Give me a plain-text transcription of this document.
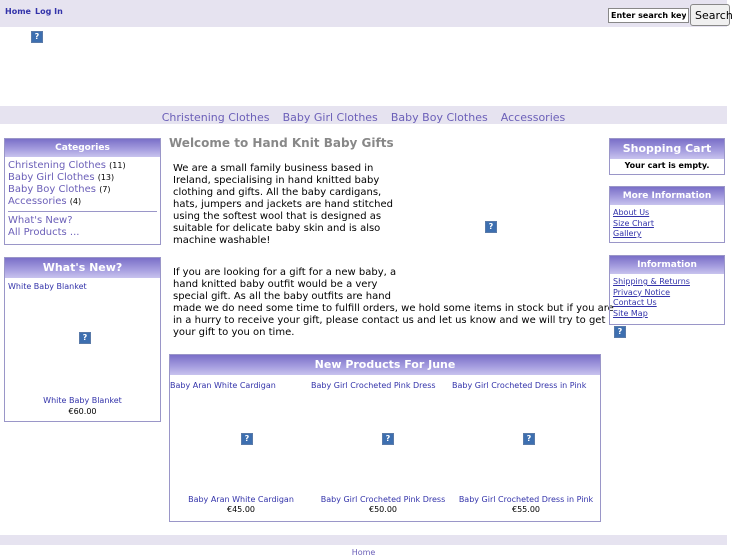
Home Log In
Enter search keywords	Search
?
Christening Clothes Baby Girl Clothes Baby Boy Clothes Accessories
Categories
Christening Clothes (11)
Baby Girl Clothes (13)
Baby Boy Clothes (7)
Accessories (4)
What's New?
All Products ...
What's New?
White Baby Blanket
?
White Baby Blanket
€60.00
Welcome to Hand Knit Baby Gifts
We are a small family business based in
Ireland, specialising in hand knitted baby
clothing and gifts. All the baby cardigans,
hats, jumpers and jackets are hand stitched
using the softest wool that is designed as
suitable for delicate baby skin and is also
machine washable!
?
If you are looking for a gift for a new baby, a
hand knitted baby outfit would be a very
special gift. As all the baby outfits are hand
made we do need some time to fulfill orders, we hold some items in stock but if you are
in a hurry to receive your gift, please contact us and let us know and we will try to get
your gift to you on time.
New Products For June
Baby Aran White Cardigan
?
Baby Aran White Cardigan
€45.00
Baby Girl Crocheted Pink Dress
?
Baby Girl Crocheted Pink Dress
€50.00
Baby Girl Crocheted Dress in Pink
?
Baby Girl Crocheted Dress in Pink
€55.00
Shopping Cart
Your cart is empty.
More Information
About Us
Size Chart
Gallery
Information
Shipping & Returns
Privacy Notice
Contact Us
Site Map
?
$_{Home}$
